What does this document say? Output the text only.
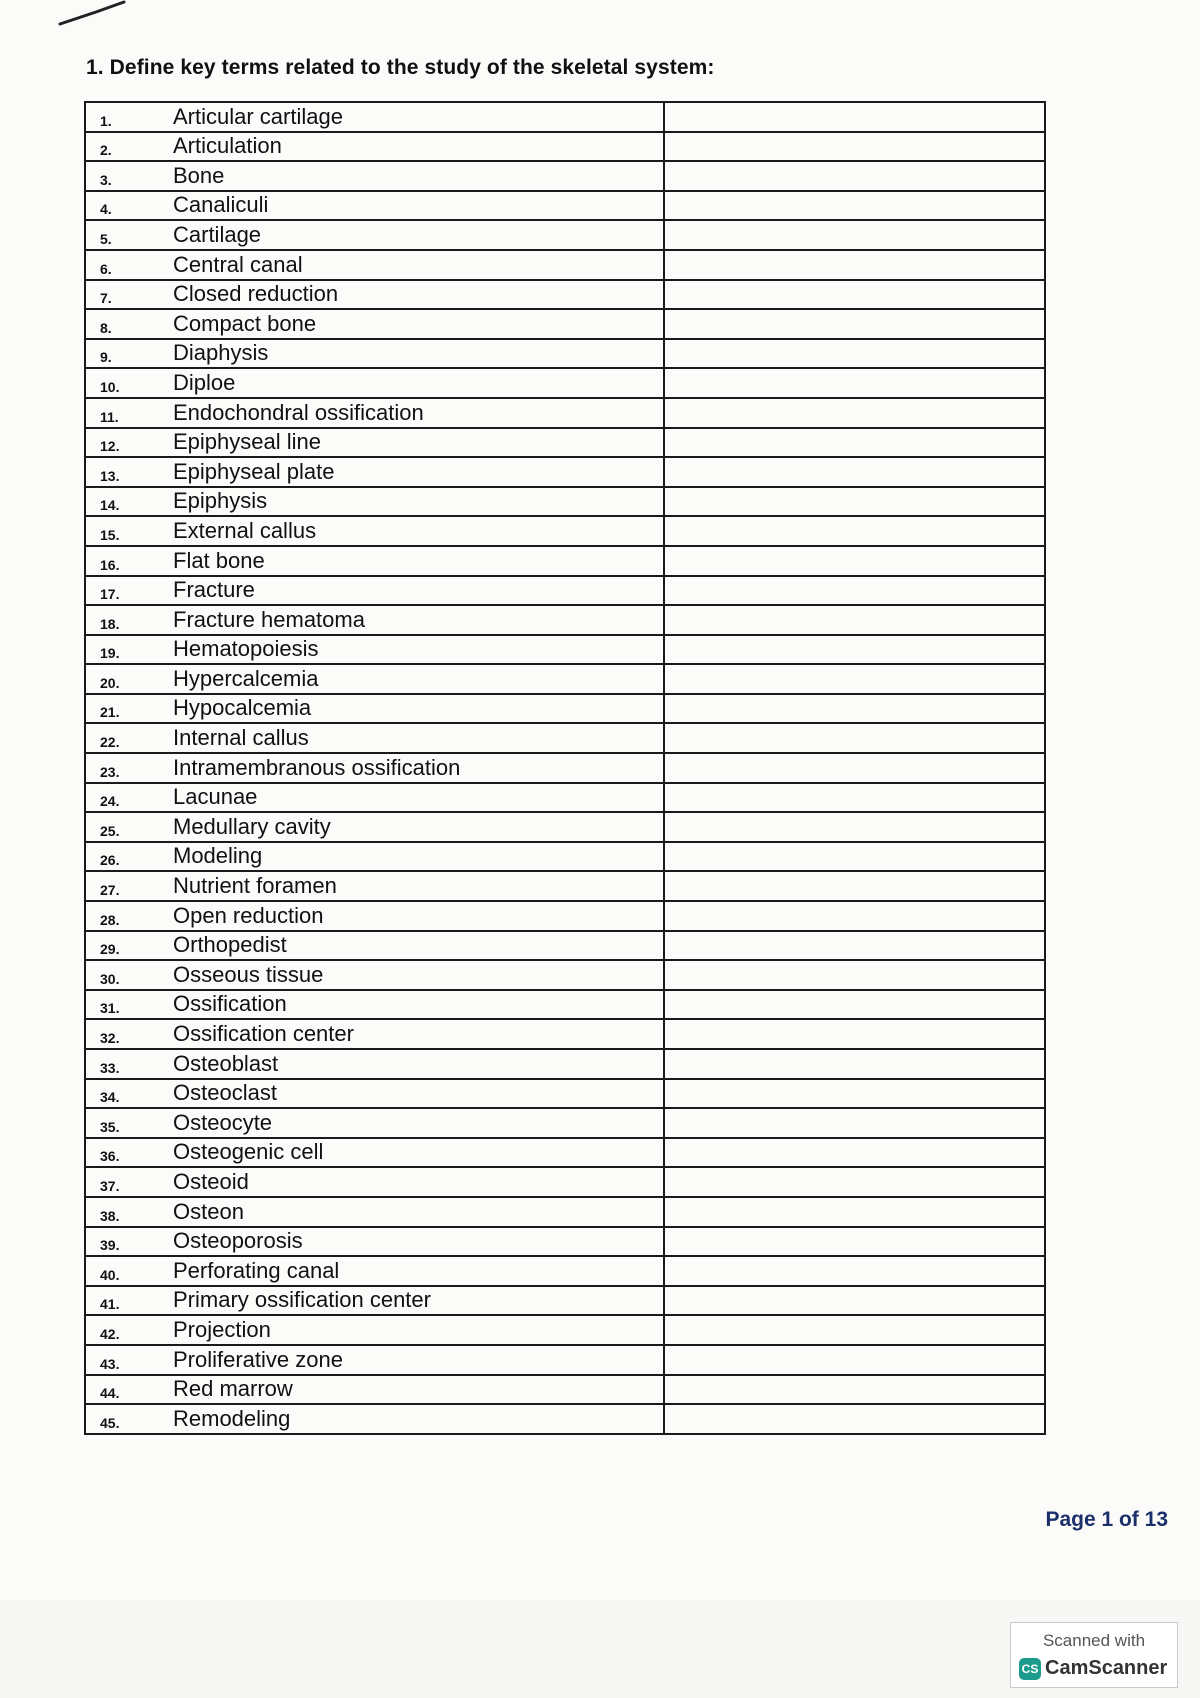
1. Define key terms related to the study of the skeletal system:
1. Articular cartilage	

2. Articulation	

3. Bone	

4. Canaliculi	

5. Cartilage	

6. Central canal	

7. Closed reduction	

8. Compact bone	

9. Diaphysis	

10. Diploe	

11. Endochondral ossification	

12. Epiphyseal line	

13. Epiphyseal plate	

14. Epiphysis	

15. External callus	

16. Flat bone	

17. Fracture	

18. Fracture hematoma	

19. Hematopoiesis	

20. Hypercalcemia	

21. Hypocalcemia	

22. Internal callus	

23. Intramembranous ossification	

24. Lacunae	

25. Medullary cavity	

26. Modeling	

27. Nutrient foramen	

28. Open reduction	

29. Orthopedist	

30. Osseous tissue	

31. Ossification	

32. Ossification center	

33. Osteoblast	

34. Osteoclast	

35. Osteocyte	

36. Osteogenic cell	

37. Osteoid	

38. Osteon	

39. Osteoporosis	

40. Perforating canal	

41. Primary ossification center	

42. Projection	

43. Proliferative zone	

44. Red marrow	

45. Remodeling	

Page 1 of 13
Scanned with
CS CamScanner
